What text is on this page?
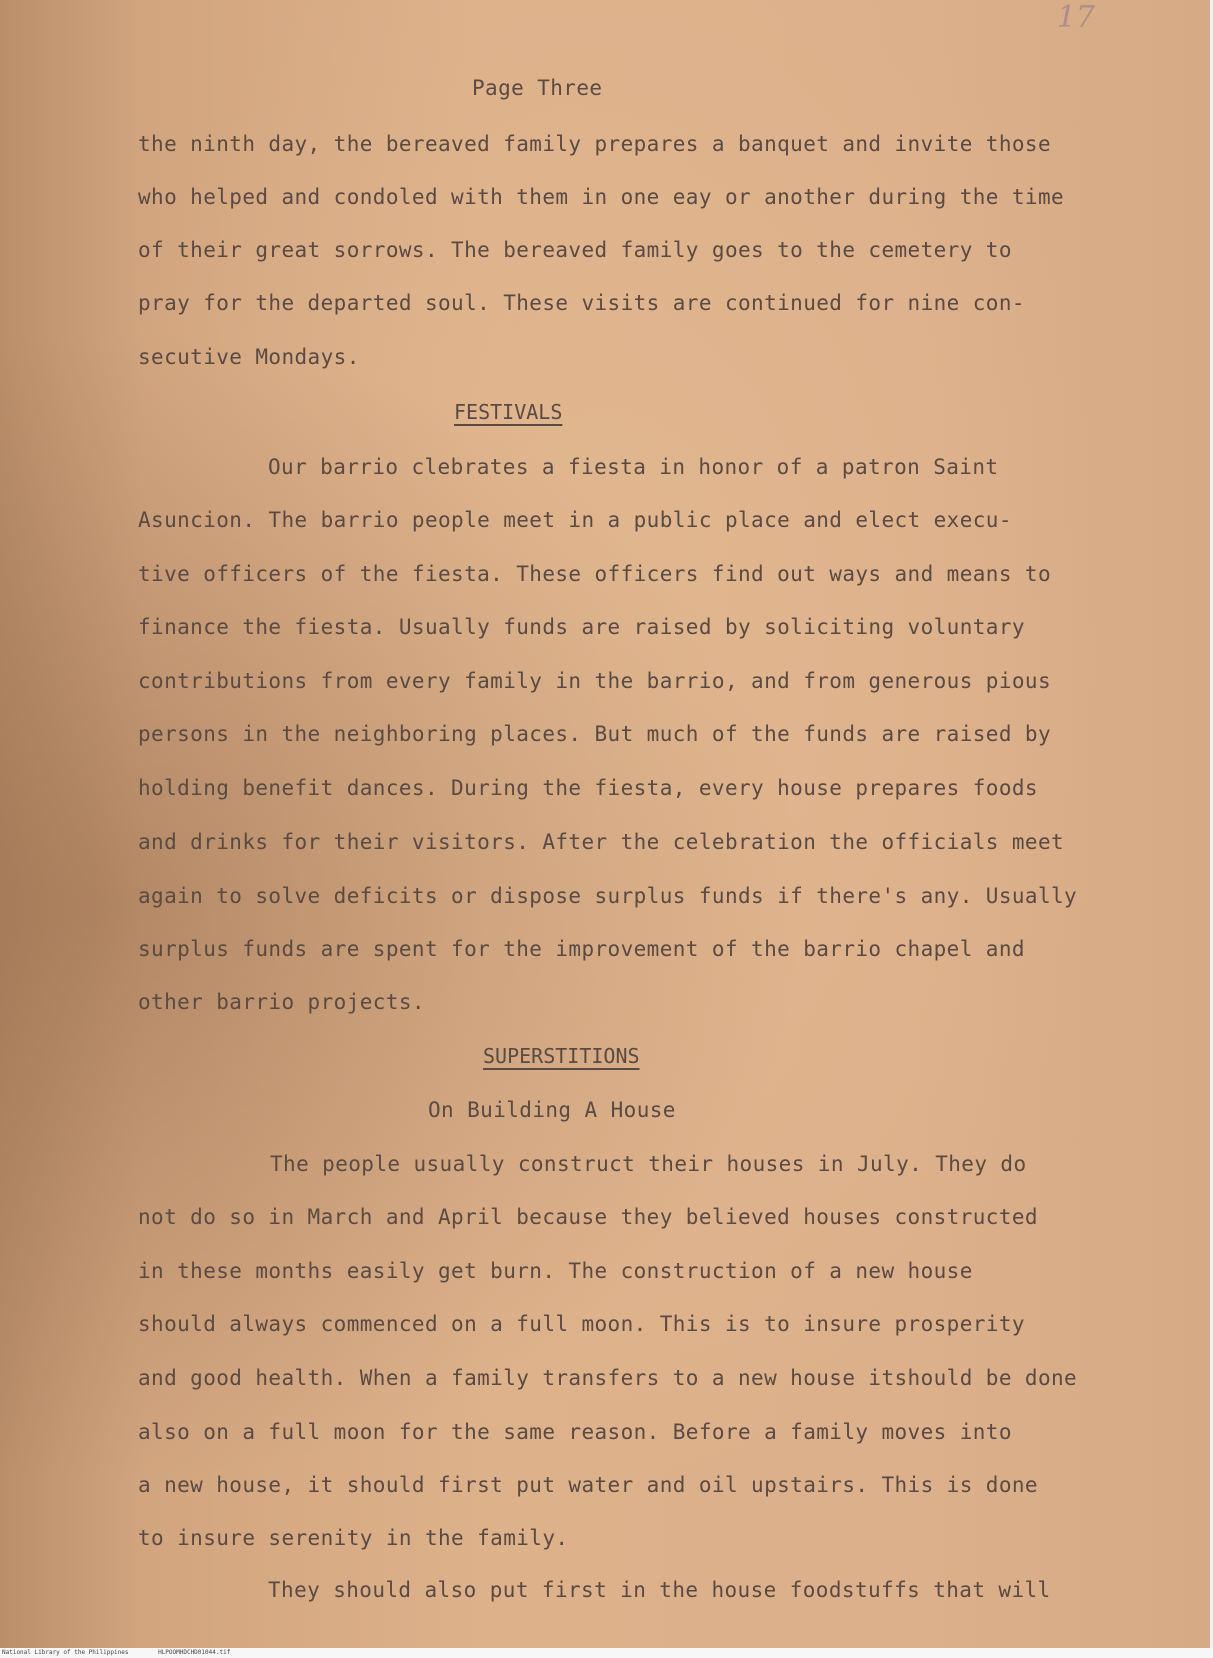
17

Page Three

the ninth day, the bereaved family prepares a banquet and invite those

who helped and condoled with them in one eay or another during the time

of their great sorrows. The bereaved family goes to the cemetery to

pray for the departed soul. These visits are continued for nine con-

secutive Mondays.

FESTIVALS

Our barrio clebrates a fiesta in honor of a patron Saint

Asuncion. The barrio people meet in a public place and elect execu-

tive officers of the fiesta. These officers find out ways and means to

finance the fiesta. Usually funds are raised by soliciting voluntary

contributions from every family in the barrio, and from generous pious

persons in the neighboring places. But much of the funds are raised by

holding benefit dances. During the fiesta, every house prepares foods

and drinks for their visitors. After the celebration the officials meet

again to solve deficits or dispose surplus funds if there's any. Usually

surplus funds are spent for the improvement of the barrio chapel and

other barrio projects.

SUPERSTITIONS

On Building A House

The people usually construct their houses in July. They do

not do so in March and April because they believed houses constructed

in these months easily get burn. The construction of a new house

should always commenced on a full moon. This is to insure prosperity

and good health. When a family transfers to a new house itshould be done

also on a full moon for the same reason. Before a family moves into

a new house, it should first put water and oil upstairs. This is done

to insure serenity in the family.

They should also put first in the house foodstuffs that will

National Library of the Philippines	HLPOOMHDCHD01044.tif
